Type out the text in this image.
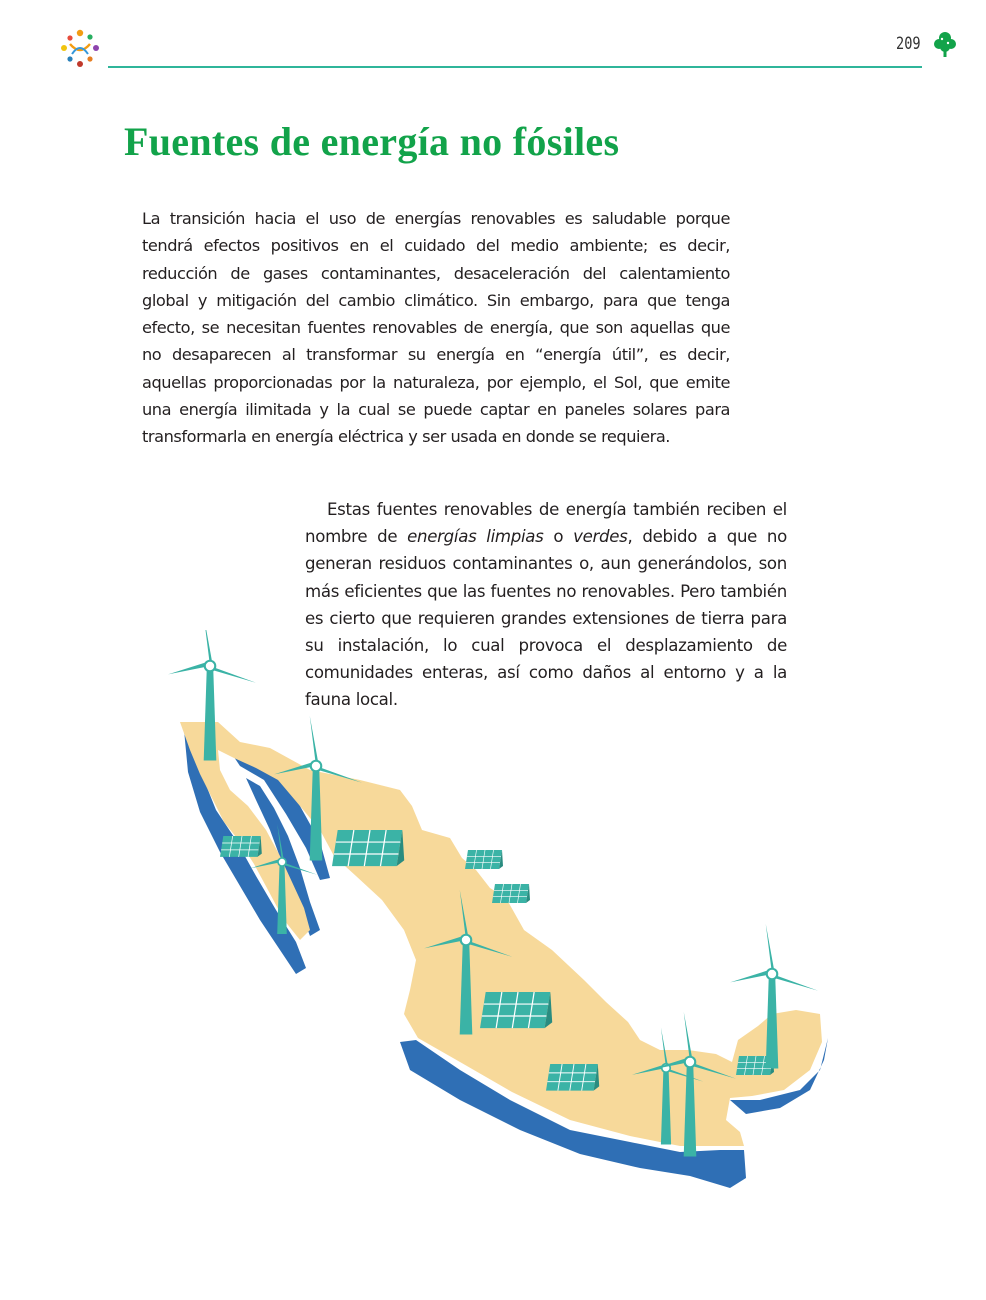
209
Fuentes de energía no fósiles

La transición hacia el uso de energías renovables es saludable porque tendrá efectos positivos en el cuidado del medio ambiente; es decir, reducción de gases contaminantes, desaceleración del calentamiento global y mitigación del cambio climático. Sin embargo, para que tenga efecto, se necesitan fuentes renovables de energía, que son aquellas que no desaparecen al transformar su energía en “energía útil”, es decir, aquellas proporcionadas por la naturaleza, por ejemplo, el Sol, que emite una energía ilimitada y la cual se puede captar en paneles solares para transformarla en energía eléctrica y ser usada en donde se requiera.

Estas fuentes renovables de energía también reciben el nombre de energías limpias o verdes, debido a que no generan residuos contaminantes o, aun generándolos, son más eficientes que las fuentes no renovables. Pero también es cierto que requieren grandes extensiones de tierra para su instalación, lo cual provoca el desplazamiento de comunidades enteras, así como daños al entorno y a la fauna local.
